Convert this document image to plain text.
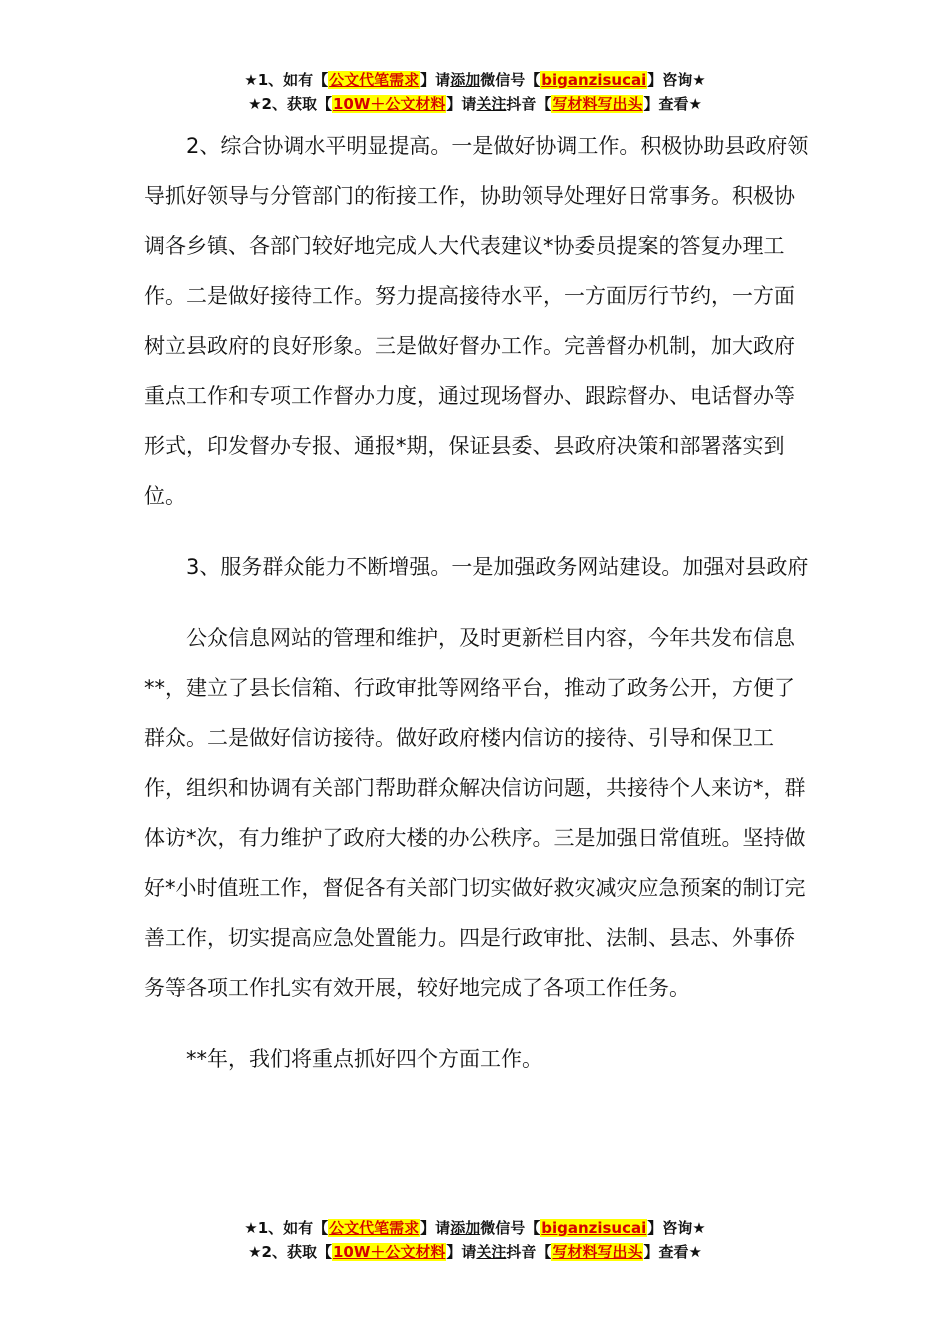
★1、如有【公文代笔需求】请添加微信号【biganzisucai】咨询★
★2、获取【10W＋公文材料】请关注抖音【写材料写出头】查看★

2、综合协调水平明显提高。一是做好协调工作。积极协助县政府领导抓好领导与分管部门的衔接工作，协助领导处理好日常事务。积极协调各乡镇、各部门较好地完成人大代表建议*协委员提案的答复办理工作。二是做好接待工作。努力提高接待水平，一方面厉行节约，一方面树立县政府的良好形象。三是做好督办工作。完善督办机制，加大政府重点工作和专项工作督办力度，通过现场督办、跟踪督办、电话督办等形式，印发督办专报、通报*期，保证县委、县政府决策和部署落实到位。

3、服务群众能力不断增强。一是加强政务网站建设。加强对县政府

公众信息网站的管理和维护，及时更新栏目内容，今年共发布信息**，建立了县长信箱、行政审批等网络平台，推动了政务公开，方便了群众。二是做好信访接待。做好政府楼内信访的接待、引导和保卫工作，组织和协调有关部门帮助群众解决信访问题，共接待个人来访*，群体访*次，有力维护了政府大楼的办公秩序。三是加强日常值班。坚持做好*小时值班工作，督促各有关部门切实做好救灾减灾应急预案的制订完善工作，切实提高应急处置能力。四是行政审批、法制、县志、外事侨务等各项工作扎实有效开展，较好地完成了各项工作任务。

**年，我们将重点抓好四个方面工作。

★1、如有【公文代笔需求】请添加微信号【biganzisucai】咨询★
★2、获取【10W＋公文材料】请关注抖音【写材料写出头】查看★
